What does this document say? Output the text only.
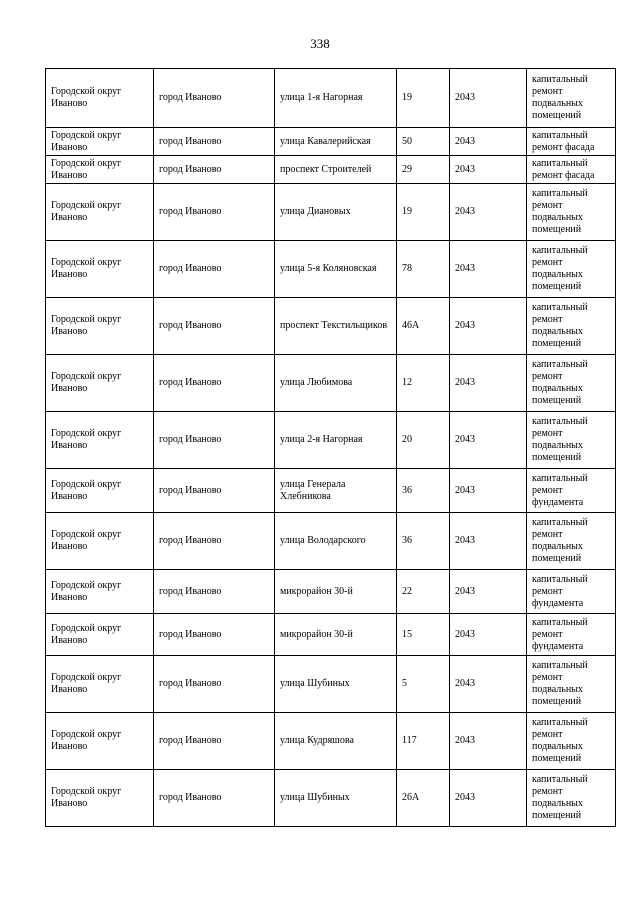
338
Городской округ Иваново	город Иваново	улица 1-я Нагорная	19	2043	капитальный ремонт подвальных помещений
Городской округ Иваново	город Иваново	улица Кавалерийская	50	2043	капитальный ремонт фасада
Городской округ Иваново	город Иваново	проспект Строителей	29	2043	капитальный ремонт фасада
Городской округ Иваново	город Иваново	улица Диановых	19	2043	капитальный ремонт подвальных помещений
Городской округ Иваново	город Иваново	улица 5-я Коляновская	78	2043	капитальный ремонт подвальных помещений
Городской округ Иваново	город Иваново	проспект Текстильщиков	46А	2043	капитальный ремонт подвальных помещений
Городской округ Иваново	город Иваново	улица Любимова	12	2043	капитальный ремонт подвальных помещений
Городской округ Иваново	город Иваново	улица 2-я Нагорная	20	2043	капитальный ремонт подвальных помещений
Городской округ Иваново	город Иваново	улица Генерала Хлебникова	36	2043	капитальный ремонт фундамента
Городской округ Иваново	город Иваново	улица Володарского	36	2043	капитальный ремонт подвальных помещений
Городской округ Иваново	город Иваново	микрорайон 30-й	22	2043	капитальный ремонт фундамента
Городской округ Иваново	город Иваново	микрорайон 30-й	15	2043	капитальный ремонт фундамента
Городской округ Иваново	город Иваново	улица Шубиных	5	2043	капитальный ремонт подвальных помещений
Городской округ Иваново	город Иваново	улица Кудряшова	117	2043	капитальный ремонт подвальных помещений
Городской округ Иваново	город Иваново	улица Шубиных	26А	2043	капитальный ремонт подвальных помещений
